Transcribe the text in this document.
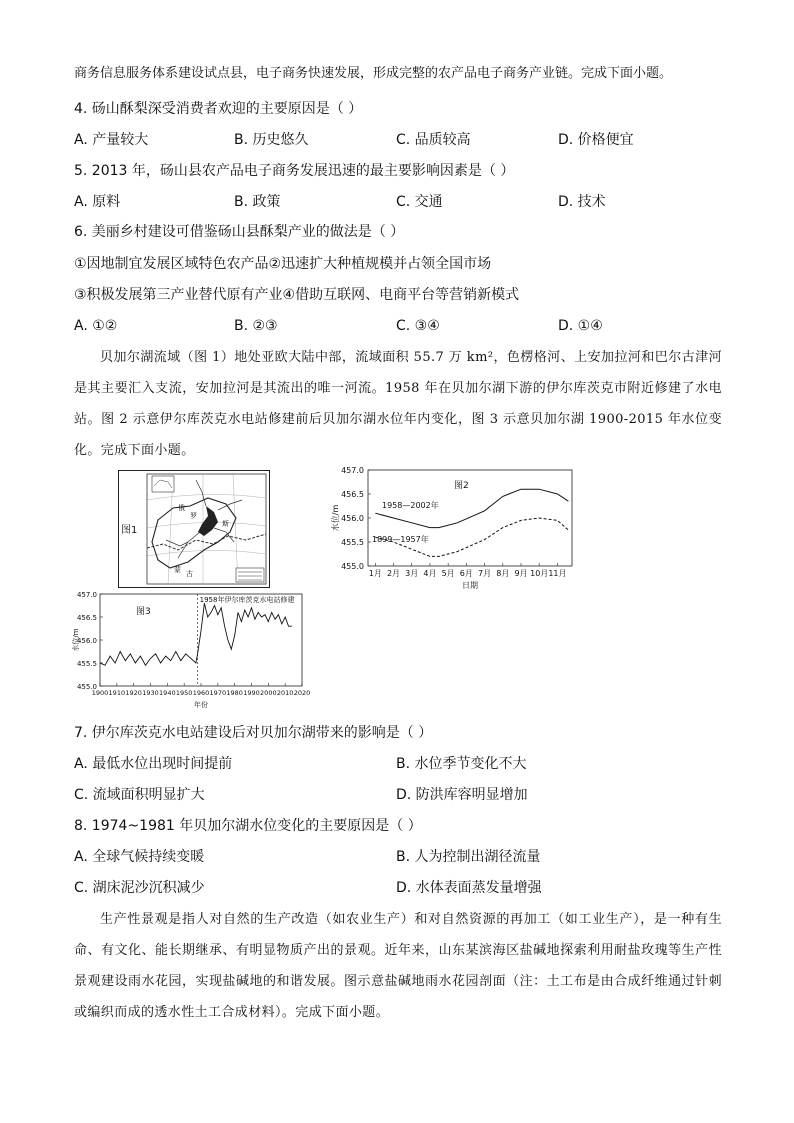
商务信息服务体系建设试点县，电子商务快速发展，形成完整的农产品电子商务产业链。完成下面小题。
4. 砀山酥梨深受消费者欢迎的主要原因是（ ）
A. 产量较大	B. 历史悠久	C. 品质较高	D. 价格便宜
5. 2013 年，砀山县农产品电子商务发展迅速的最主要影响因素是（ ）
A. 原料	B. 政策	C. 交通	D. 技术
6. 美丽乡村建设可借鉴砀山县酥梨产业的做法是（ ）
①因地制宜发展区域特色农产品②迅速扩大种植规模并占领全国市场
③积极发展第三产业替代原有产业④借助互联网、电商平台等营销新模式
A. ①②	B. ②③	C. ③④	D. ①④
贝加尔湖流域（图 1）地处亚欧大陆中部，流域面积 55.7 万 km²，色楞格河、上安加拉河和巴尔古津河是其主要汇入支流，安加拉河是其流出的唯一河流。1958 年在贝加尔湖下游的伊尔库茨克市附近修建了水电站。图 2 示意伊尔库茨克水电站修建前后贝加尔湖水位年内变化，图 3 示意贝加尔湖 1900-2015 年水位变化。完成下面小题。
俄
罗
斯
蒙 古
图1
457.0
456.5
456.0
455.5
455.0
1月 2月 3月 4月 5月 6月 7月 8月 9月 10月 11月
日期
水位/m
图2
1958—2002年
1899—1957年
457.0
456.5
456.0
455.5
455.0
1900 1910 1920 1930 1940 1950 1960 1970 1980 1990 2000 2010 2020
年份
水位/m
图3
1958年伊尔库茨克水电站修建
7. 伊尔库茨克水电站建设后对贝加尔湖带来的影响是（ ）
A. 最低水位出现时间提前	B. 水位季节变化不大
C. 流域面积明显扩大	D. 防洪库容明显增加
8. 1974~1981 年贝加尔湖水位变化的主要原因是（ ）
A. 全球气候持续变暖	B. 人为控制出湖径流量
C. 湖床泥沙沉积减少	D. 水体表面蒸发量增强
生产性景观是指人对自然的生产改造（如农业生产）和对自然资源的再加工（如工业生产），是一种有生命、有文化、能长期继承、有明显物质产出的景观。近年来，山东某滨海区盐碱地探索利用耐盐玫瑰等生产性景观建设雨水花园，实现盐碱地的和谐发展。图示意盐碱地雨水花园剖面（注：土工布是由合成纤维通过针刺或编织而成的透水性土工合成材料）。完成下面小题。
